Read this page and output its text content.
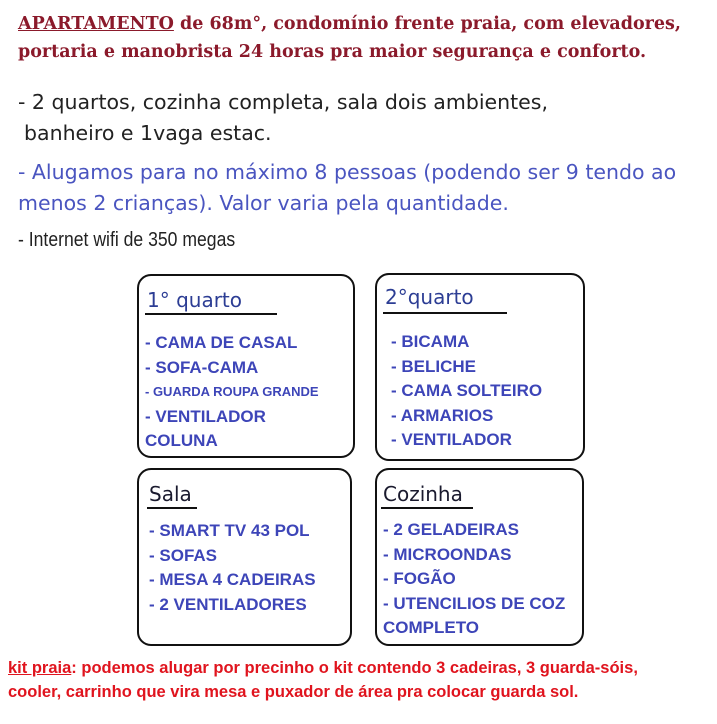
APARTAMENTO de 68m°, condomínio frente praia, com elevadores,
portaria e manobrista 24 horas pra maior segurança e conforto.
- 2 quartos, cozinha completa, sala dois ambientes,
banheiro e 1vaga estac.
- Alugamos para no máximo 8 pessoas (podendo ser 9 tendo ao
menos 2 crianças). Valor varia pela quantidade.
- Internet wifi de 350 megas
1° quarto
- CAMA DE CASAL
- SOFA-CAMA
- GUARDA ROUPA GRANDE
- VENTILADOR
COLUNA
2°quarto
- BICAMA
- BELICHE
- CAMA SOLTEIRO
- ARMARIOS
- VENTILADOR
Sala
- SMART TV 43 POL
- SOFAS
- MESA 4 CADEIRAS
- 2 VENTILADORES
Cozinha
- 2 GELADEIRAS
- MICROONDAS
- FOGÃO
- UTENCILIOS DE COZ
COMPLETO
kit praia: podemos alugar por precinho o kit contendo 3 cadeiras, 3 guarda-sóis,
cooler, carrinho que vira mesa e puxador de área pra colocar guarda sol.
